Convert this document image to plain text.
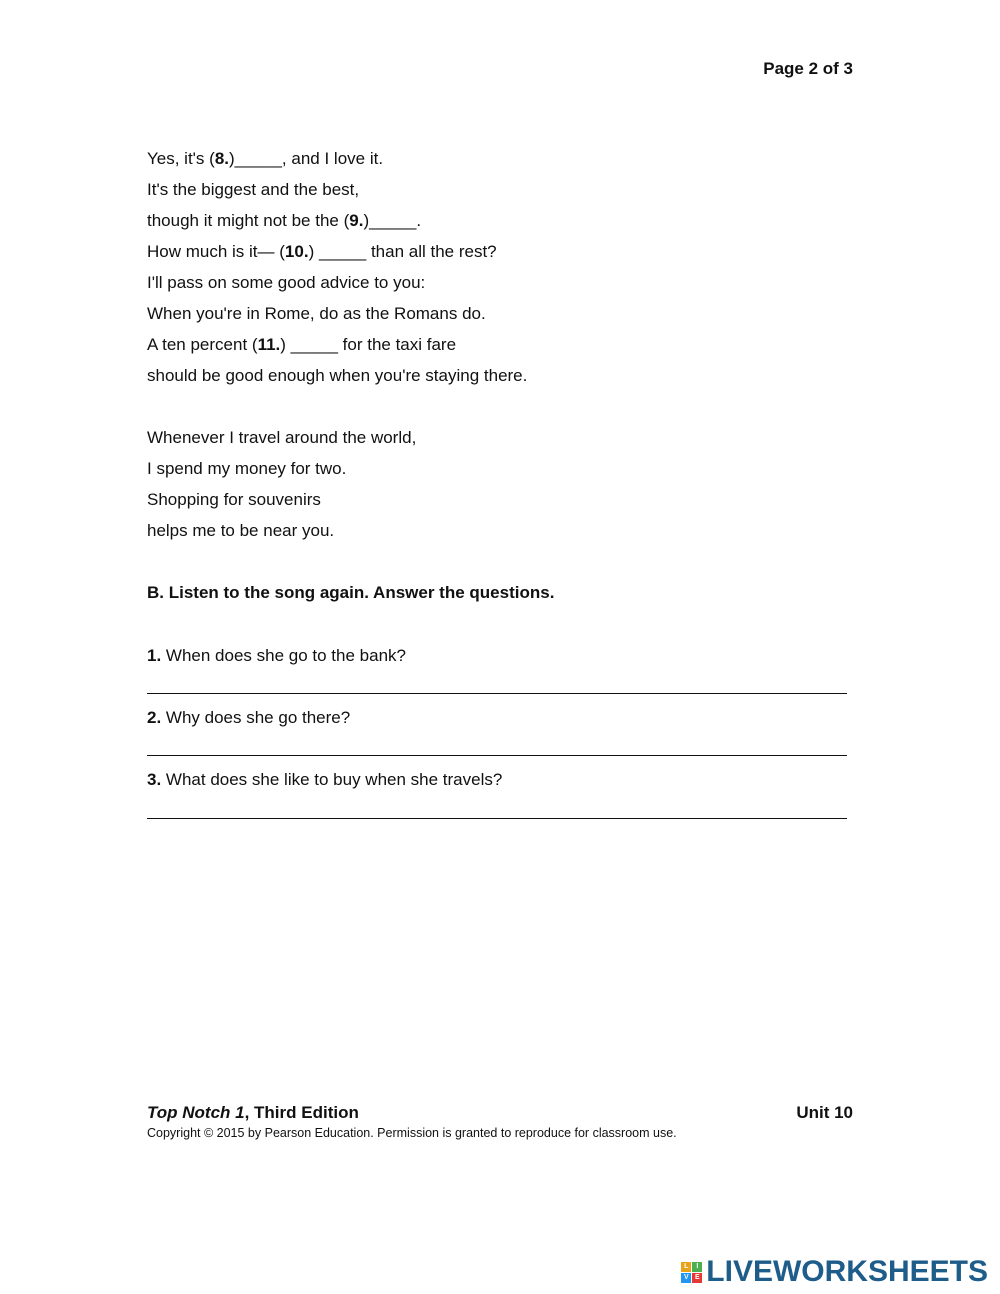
Page 2 of 3
Yes, it's (8.)_____, and I love it.
It's the biggest and the best,
though it might not be the (9.)_____.
How much is it— (10.) _____ than all the rest?
I'll pass on some good advice to you:
When you're in Rome, do as the Romans do.
A ten percent (11.) _____ for the taxi fare
should be good enough when you're staying there.
Whenever I travel around the world,
I spend my money for two.
Shopping for souvenirs
helps me to be near you.
B. Listen to the song again. Answer the questions.
1. When does she go to the bank?
2. Why does she go there?
3. What does she like to buy when she travels?
Top Notch 1, Third Edition	Unit 10
Copyright © 2015 by Pearson Education. Permission is granted to reproduce for classroom use.
L	I
V E LIVEWORKSHEETS
